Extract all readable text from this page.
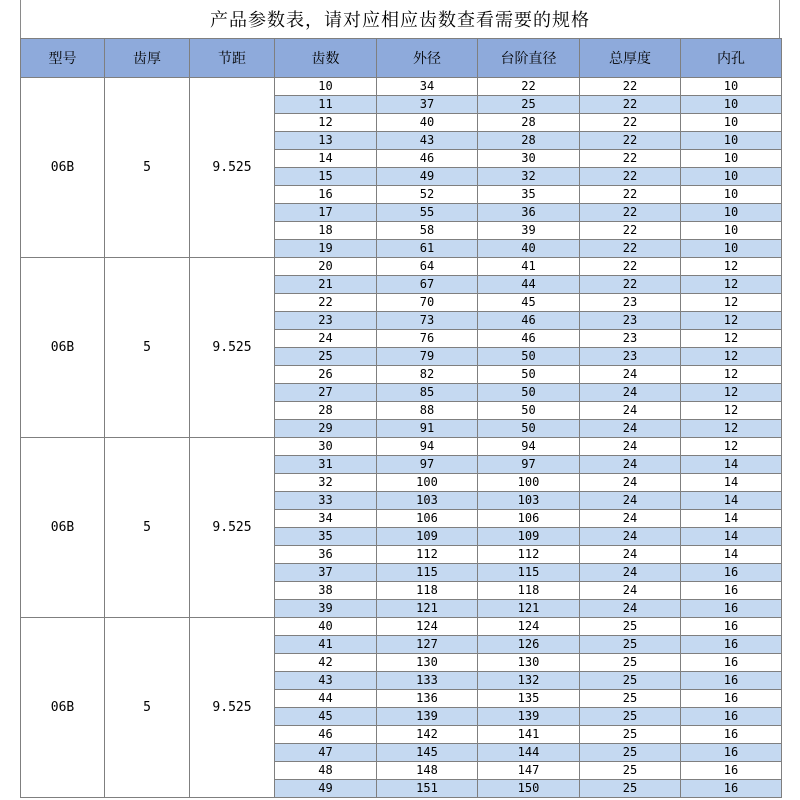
产品参数表，请对应相应齿数查看需要的规格
型号	齿厚	节距	齿数	外径	台阶直径	总厚度	内孔
06B	5	9.525	10	34	22	22	10
			11	37	25	22	10
			12	40	28	22	10
			13	43	28	22	10
			14	46	30	22	10
			15	49	32	22	10
			16	52	35	22	10
			17	55	36	22	10
			18	58	39	22	10
			19	61	40	22	10
06B	5	9.525	20	64	41	22	12
			21	67	44	22	12
			22	70	45	23	12
			23	73	46	23	12
			24	76	46	23	12
			25	79	50	23	12
			26	82	50	24	12
			27	85	50	24	12
			28	88	50	24	12
			29	91	50	24	12
06B	5	9.525	30	94	94	24	12
			31	97	97	24	14
			32	100	100	24	14
			33	103	103	24	14
			34	106	106	24	14
			35	109	109	24	14
			36	112	112	24	14
			37	115	115	24	16
			38	118	118	24	16
			39	121	121	24	16
06B	5	9.525	40	124	124	25	16
			41	127	126	25	16
			42	130	130	25	16
			43	133	132	25	16
			44	136	135	25	16
			45	139	139	25	16
			46	142	141	25	16
			47	145	144	25	16
			48	148	147	25	16
			49	151	150	25	16
